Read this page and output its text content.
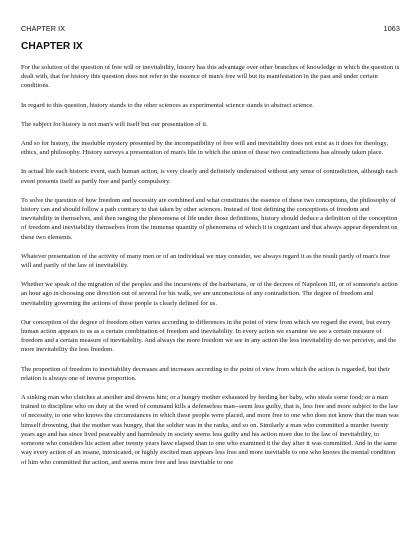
CHAPTER IX	1063
CHAPTER IX

For the solution of the question of free will or inevitability, history has this advantage over other branches of knowledge in which the question is dealt with, that for history this question does not refer to the essence of man's free will but its manifestation in the past and under certain conditions.

In regard to this question, history stands to the other sciences as experimental science stands to abstract science.

The subject for history is not man's will itself but our presentation of it.

And so for history, the insoluble mystery presented by the incompatibility of free will and inevitability does not exist as it does for theology, ethics, and philosophy. History surveys a presentation of man's life in which the union of these two contradictions has already taken place.

In actual life each historic event, each human action, is very clearly and definitely understood without any sense of contradiction, although each event presents itself as partly free and partly compulsory.

To solve the question of how freedom and necessity are combined and what constitutes the essence of these two conceptions, the philosophy of history can and should follow a path contrary to that taken by other sciences. Instead of first defining the conceptions of freedom and inevitability in themselves, and then ranging the phenomena of life under those definitions, history should deduce a definition of the conception of freedom and inevitability themselves from the immense quantity of phenomena of which it is cognizant and that always appear dependent on these two elements.

Whatever presentation of the activity of many men or of an individual we may consider, we always regard it as the result partly of man's free will and partly of the law of inevitability.

Whether we speak of the migration of the peoples and the incursions of the barbarians, or of the decrees of Napoleon III, or of someone's action an hour ago in choosing one direction out of several for his walk, we are unconscious of any contradiction. The degree of freedom and inevitability governing the actions of these people is clearly defined for us.

Our conception of the degree of freedom often varies according to differences in the point of view from which we regard the event, but every human action appears to us as a certain combination of freedom and inevitability. In every action we examine we see a certain measure of freedom and a certain measure of inevitability. And always the more freedom we see in any action the less inevitability do we perceive, and the more inevitability the less freedom.

The proportion of freedom to inevitability decreases and increases according to the point of view from which the action is regarded, but their relation is always one of inverse proportion.

A sinking man who clutches at another and drowns him; or a hungry mother exhausted by feeding her baby, who steals some food; or a man trained to discipline who on duty at the word of command kills a defenseless man--seem less guilty, that is, less free and more subject to the law of necessity, to one who knows the circumstances in which these people were placed, and more free to one who does not know that the man was himself drowning, that the mother was hungry, that the soldier was in the ranks, and so on. Similarly a man who committed a murder twenty years ago and has since lived peaceably and harmlessly in society seems less guilty and his action more due to the law of inevitability, to someone who considers his action after twenty years have elapsed than to one who examined it the day after it was committed. And in the same way every action of an insane, intoxicated, or highly excited man appears less free and more inevitable to one who knows the mental condition of him who committed the action, and seems more free and less inevitable to one
